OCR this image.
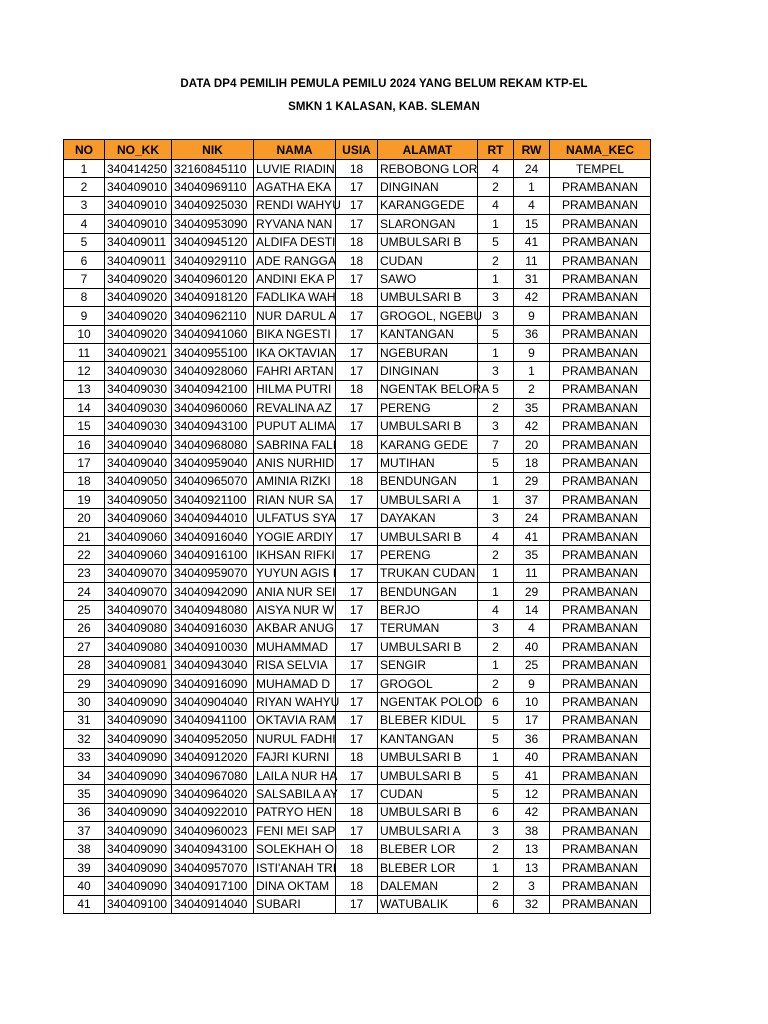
DATA DP4 PEMILIH PEMULA PEMILU 2024 YANG BELUM REKAM KTP-EL
SMKN 1 KALASAN, KAB. SLEMAN
NO	NO_KK	NIK	NAMA	USIA	ALAMAT	RT	RW	NAMA_KEC
1	340414250	32160845110	LUVIE RIADIN	18	REBOBONG LOR	4	24	TEMPEL
2	340409010	34040969110	AGATHA EKA	17	DINGINAN	2	1	PRAMBANAN
3	340409010	34040925030	RENDI WAHYU	17	KARANGGEDE	4	4	PRAMBANAN
4	340409010	34040953090	RYVANA NAN	17	SLARONGAN	1	15	PRAMBANAN
5	340409011	34040945120	ALDIFA DESTI	18	UMBULSARI B	5	41	PRAMBANAN
6	340409011	34040929110	ADE RANGGA	18	CUDAN	2	11	PRAMBANAN
7	340409020	34040960120	ANDINI EKA P	17	SAWO	1	31	PRAMBANAN
8	340409020	34040918120	FADLIKA WAH	18	UMBULSARI B	3	42	PRAMBANAN
9	340409020	34040962110	NUR DARUL A	17	GROGOL, NGEBU	3	9	PRAMBANAN
10	340409020	34040941060	BIKA NGESTI I	17	KANTANGAN	5	36	PRAMBANAN
11	340409021	34040955100	IKA OKTAVIAN	17	NGEBURAN	1	9	PRAMBANAN
12	340409030	34040928060	FAHRI ARTAN	17	DINGINAN	3	1	PRAMBANAN
13	340409030	34040942100	HILMA PUTRI	18	NGENTAK BELORA	5	2	PRAMBANAN
14	340409030	34040960060	REVALINA AZ	17	PERENG	2	35	PRAMBANAN
15	340409030	34040943100	PUPUT ALIMA	17	UMBULSARI B	3	42	PRAMBANAN
16	340409040	34040968080	SABRINA FALI	18	KARANG GEDE	7	20	PRAMBANAN
17	340409040	34040959040	ANIS NURHID	17	MUTIHAN	5	18	PRAMBANAN
18	340409050	34040965070	AMINIA RIZKI	18	BENDUNGAN	1	29	PRAMBANAN
19	340409050	34040921100	RIAN NUR SA	17	UMBULSARI A	1	37	PRAMBANAN
20	340409060	34040944010	ULFATUS SYA	17	DAYAKAN	3	24	PRAMBANAN
21	340409060	34040916040	YOGIE ARDIY	17	UMBULSARI B	4	41	PRAMBANAN
22	340409060	34040916100	IKHSAN RIFKI	17	PERENG	2	35	PRAMBANAN
23	340409070	34040959070	YUYUN AGIS I	17	TRUKAN CUDAN	1	11	PRAMBANAN
24	340409070	34040942090	ANIA NUR SEI	17	BENDUNGAN	1	29	PRAMBANAN
25	340409070	34040948080	AISYA NUR W	17	BERJO	4	14	PRAMBANAN
26	340409080	34040916030	AKBAR ANUG	17	TERUMAN	3	4	PRAMBANAN
27	340409080	34040910030	MUHAMMAD	17	UMBULSARI B	2	40	PRAMBANAN
28	340409081	34040943040	RISA SELVIA	17	SENGIR	1	25	PRAMBANAN
29	340409090	34040916090	MUHAMAD D	17	GROGOL	2	9	PRAMBANAN
30	340409090	34040904040	RIYAN WAHYU	17	NGENTAK POLOD	6	10	PRAMBANAN
31	340409090	34040941100	OKTAVIA RAM	17	BLEBER KIDUL	5	17	PRAMBANAN
32	340409090	34040952050	NURUL FADHI	17	KANTANGAN	5	36	PRAMBANAN
33	340409090	34040912020	FAJRI KURNI	18	UMBULSARI B	1	40	PRAMBANAN
34	340409090	34040967080	LAILA NUR HA	17	UMBULSARI B	5	41	PRAMBANAN
35	340409090	34040964020	SALSABILA AY	17	CUDAN	5	12	PRAMBANAN
36	340409090	34040922010	PATRYO HEN	18	UMBULSARI B	6	42	PRAMBANAN
37	340409090	34040960023	FENI MEI SAP	17	UMBULSARI A	3	38	PRAMBANAN
38	340409090	34040943100	SOLEKHAH OI	18	BLEBER LOR	2	13	PRAMBANAN
39	340409090	34040957070	ISTI'ANAH TRI	18	BLEBER LOR	1	13	PRAMBANAN
40	340409090	34040917100	DINA OKTAM	18	DALEMAN	2	3	PRAMBANAN
41	340409100	34040914040	SUBARI	17	WATUBALIK	6	32	PRAMBANAN
